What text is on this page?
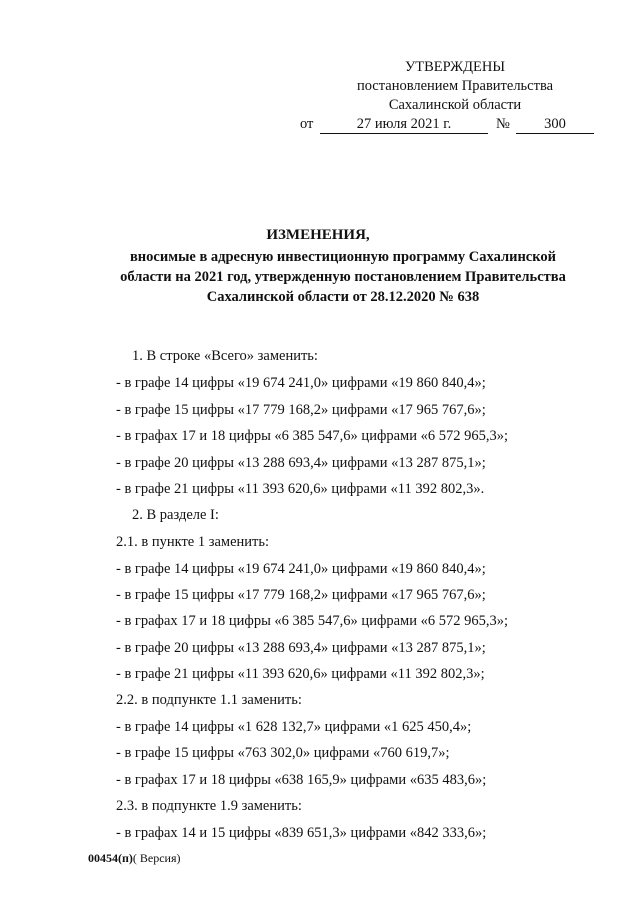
УТВЕРЖДЕНЫ
постановлением Правительства
Сахалинской области
от	27 июля 2021 г.	№	300
ИЗМЕНЕНИЯ,
вносимые в адресную инвестиционную программу Сахалинской
области на 2021 год, утвержденную постановлением Правительства
Сахалинской области от 28.12.2020 № 638
1. В строке «Всего» заменить:
- в графе 14 цифры «19 674 241,0» цифрами «19 860 840,4»;
- в графе 15 цифры «17 779 168,2» цифрами «17 965 767,6»;
- в графах 17 и 18 цифры «6 385 547,6» цифрами «6 572 965,3»;
- в графе 20 цифры «13 288 693,4» цифрами «13 287 875,1»;
- в графе 21 цифры «11 393 620,6» цифрами «11 392 802,3».
2. В разделе I:
2.1. в пункте 1 заменить:
- в графе 14 цифры «19 674 241,0» цифрами «19 860 840,4»;
- в графе 15 цифры «17 779 168,2» цифрами «17 965 767,6»;
- в графах 17 и 18 цифры «6 385 547,6» цифрами «6 572 965,3»;
- в графе 20 цифры «13 288 693,4» цифрами «13 287 875,1»;
- в графе 21 цифры «11 393 620,6» цифрами «11 392 802,3»;
2.2. в подпункте 1.1 заменить:
- в графе 14 цифры «1 628 132,7» цифрами «1 625 450,4»;
- в графе 15 цифры «763 302,0» цифрами «760 619,7»;
- в графах 17 и 18 цифры «638 165,9» цифрами «635 483,6»;
2.3. в подпункте 1.9 заменить:
- в графах 14 и 15 цифры «839 651,3» цифрами «842 333,6»;
00454(п)( Версия)
